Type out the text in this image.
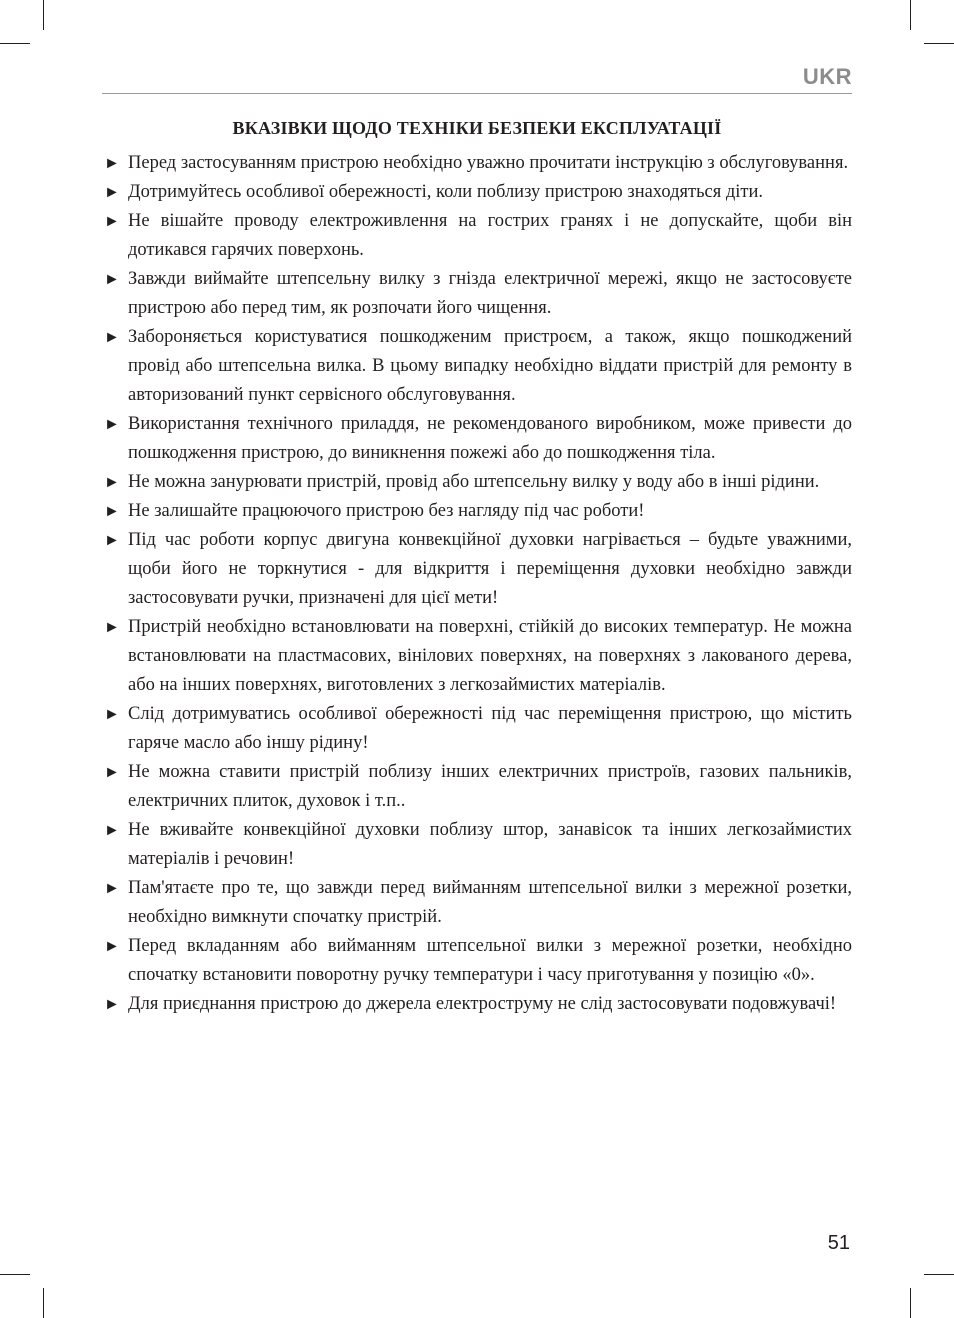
UKR
ВКАЗІВКИ ЩОДО ТЕХНІКИ БЕЗПЕКИ ЕКСПЛУАТАЦІЇ
► Перед застосуванням пристрою необхідно уважно прочитати інструкцію з обслуговування.
► Дотримуйтесь особливої обережності, коли поблизу пристрою знаходяться діти.
► Не вішайте проводу електроживлення на гострих гранях і не допускайте, щоби він дотикався гарячих поверхонь.
► Завжди виймайте штепсельну вилку з гнізда електричної мережі, якщо не застосовуєте пристрою або перед тим, як розпочати його чищення.
► Забороняється користуватися пошкодженим пристроєм, а також, якщо пошкоджений провід або штепсельна вилка. В цьому випадку необхідно віддати пристрій для ремонту в авторизований пункт сервісного обслуговування.
► Використання технічного приладдя, не рекомендованого виробником, може привести до пошкодження пристрою, до виникнення пожежі або до пошкодження тіла.
► Не можна занурювати пристрій, провід або штепсельну вилку у воду або в інші рідини.
► Не залишайте працюючого пристрою без нагляду під час роботи!
► Під час роботи корпус двигуна конвекційної духовки нагрівається – будьте уважними, щоби його не торкнутися - для відкриття і переміщення духовки необхідно завжди застосовувати ручки, призначені для цієї мети!
► Пристрій необхідно встановлювати на поверхні, стійкій до високих температур. Не можна встановлювати на пластмасових, вінілових поверхнях, на поверхнях з лакованого дерева, або на інших поверхнях, виготовлених з легкозаймистих матеріалів.
► Слід дотримуватись особливої обережності під час переміщення пристрою, що містить гаряче масло або іншу рідину!
► Не можна ставити пристрій поблизу інших електричних пристроїв, газових пальників, електричних плиток, духовок і т.п..
► Не вживайте конвекційної духовки поблизу штор, занавісок та інших легкозаймистих матеріалів і речовин!
► Пам'ятаєте про те, що завжди перед вийманням штепсельної вилки з мережної розетки, необхідно вимкнути спочатку пристрій.
► Перед вкладанням або вийманням штепсельної вилки з мережної розетки, необхідно спочатку встановити поворотну ручку температури і часу приготування у позицію «0».
► Для приєднання пристрою до джерела електроструму не слід застосовувати подовжувачі!
51
